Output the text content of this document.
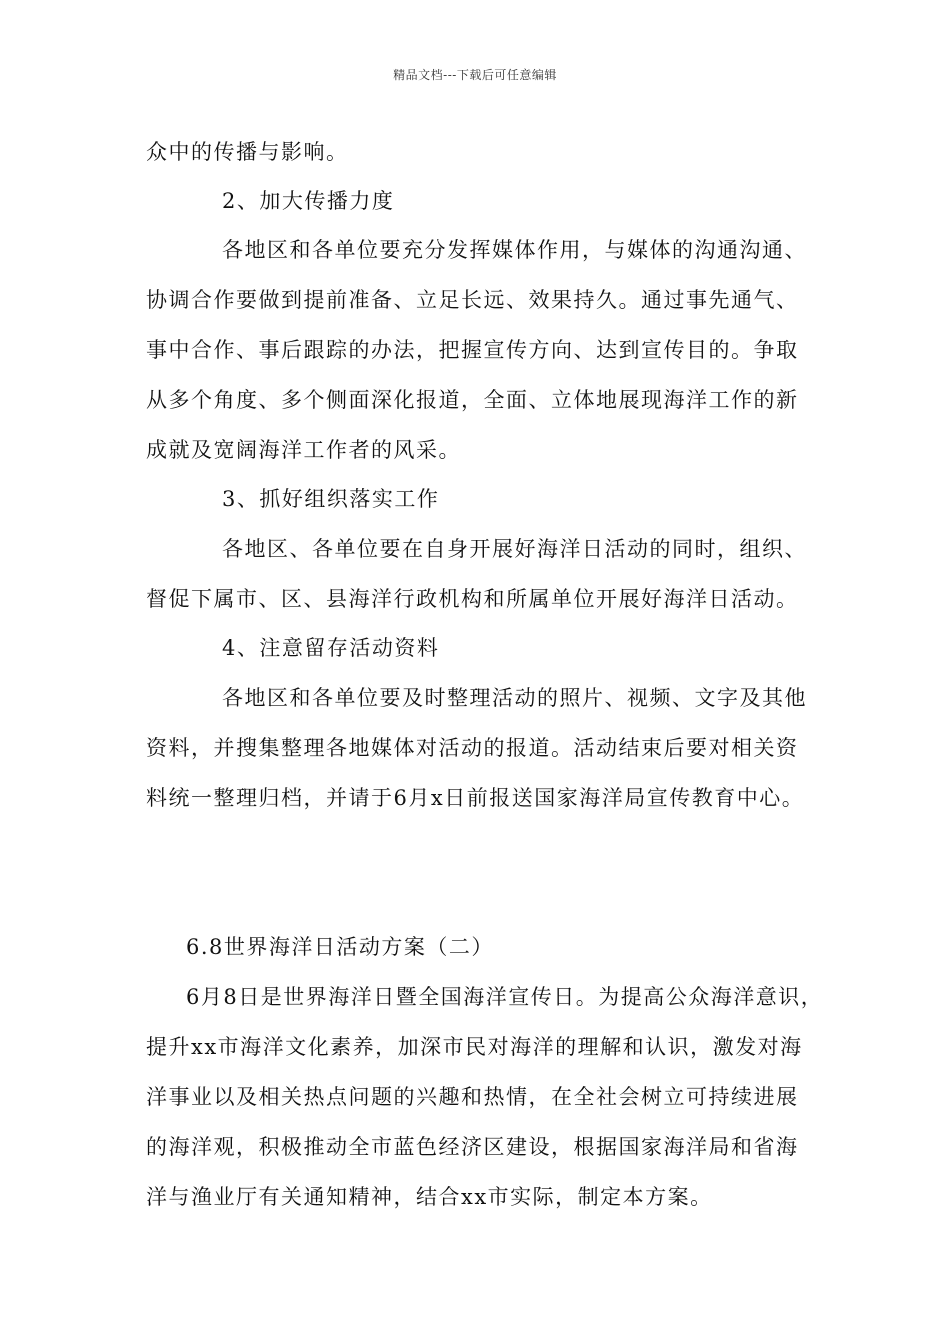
精品文档---下载后可任意编辑
众中的传播与影响。
2、加大传播力度
各地区和各单位要充分发挥媒体作用，与媒体的沟通沟通、
协调合作要做到提前准备、立足长远、效果持久。通过事先通气、
事中合作、事后跟踪的办法，把握宣传方向、达到宣传目的。争取
从多个角度、多个侧面深化报道，全面、立体地展现海洋工作的新
成就及宽阔海洋工作者的风采。
3、抓好组织落实工作
各地区、各单位要在自身开展好海洋日活动的同时，组织、
督促下属市、区、县海洋行政机构和所属单位开展好海洋日活动。
4、注意留存活动资料
各地区和各单位要及时整理活动的照片、视频、文字及其他
资料，并搜集整理各地媒体对活动的报道。活动结束后要对相关资
料统一整理归档，并请于6月x日前报送国家海洋局宣传教育中心。
6.8世界海洋日活动方案（二）
6月8日是世界海洋日暨全国海洋宣传日。为提高公众海洋意识，
提升xx市海洋文化素养，加深市民对海洋的理解和认识，激发对海
洋事业以及相关热点问题的兴趣和热情，在全社会树立可持续进展
的海洋观，积极推动全市蓝色经济区建设，根据国家海洋局和省海
洋与渔业厅有关通知精神，结合xx市实际，制定本方案。
